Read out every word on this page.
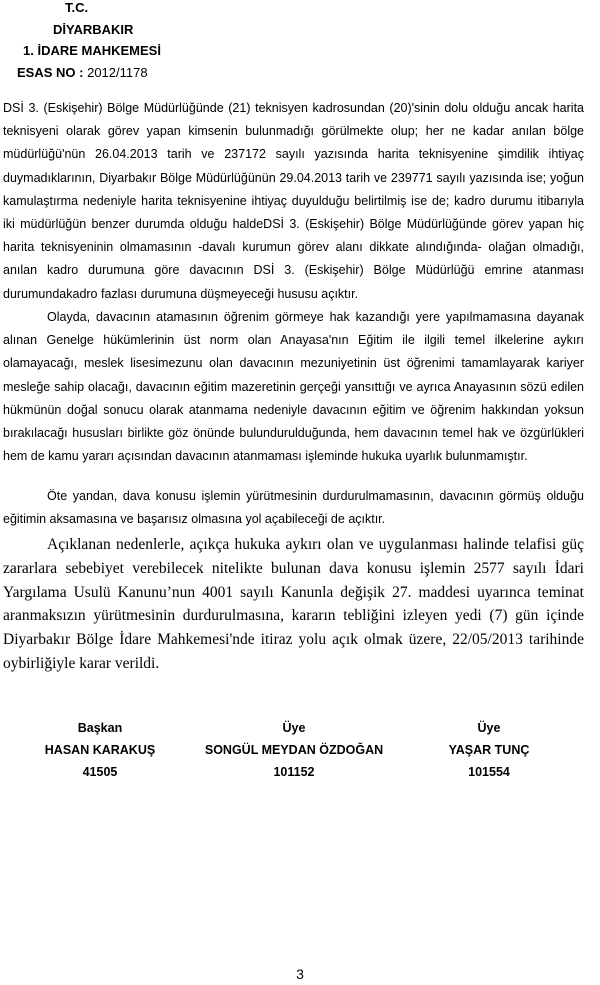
T.C.
DİYARBAKIR
1. İDARE MAHKEMESİ
ESAS NO : 2012/1178

DSİ 3. (Eskişehir) Bölge Müdürlüğünde (21) teknisyen kadrosundan (20)'sinin dolu olduğu ancak harita teknisyeni olarak görev yapan kimsenin bulunmadığı görülmekte olup; her ne kadar anılan bölge müdürlüğü'nün 26.04.2013 tarih ve 237172 sayılı yazısında harita teknisyenine şimdilik ihtiyaç duymadıklarının, Diyarbakır Bölge Müdürlüğünün 29.04.2013 tarih ve 239771 sayılı yazısında ise; yoğun kamulaştırma nedeniyle harita teknisyenine ihtiyaç duyulduğu belirtilmiş ise de; kadro durumu itibarıyla iki müdürlüğün benzer durumda olduğu haldeDSİ 3. (Eskişehir) Bölge Müdürlüğünde görev yapan hiç harita teknisyeninin olmamasının -davalı kurumun görev alanı dikkate alındığında- olağan olmadığı, anılan kadro durumuna göre davacının DSİ 3. (Eskişehir) Bölge Müdürlüğü emrine atanması durumundakadro fazlası durumuna düşmeyeceği hususu açıktır.

Olayda, davacının atamasının öğrenim görmeye hak kazandığı yere yapılmamasına dayanak alınan Genelge hükümlerinin üst norm olan Anayasa'nın Eğitim ile ilgili temel ilkelerine aykırı olamayacağı, meslek lisesimezunu olan davacının mezuniyetinin üst öğrenimi tamamlayarak kariyer mesleğe sahip olacağı, davacının eğitim mazeretinin gerçeği yansıttığı ve ayrıca Anayasının sözü edilen hükmünün doğal sonucu olarak atanmama nedeniyle davacının eğitim ve öğrenim hakkından yoksun bırakılacağı hususları birlikte göz önünde bulundurulduğunda, hem davacının temel hak ve özgürlükleri hem de kamu yararı açısından davacının atanmaması işleminde hukuka uyarlık bulunmamıştır.

Öte yandan, dava konusu işlemin yürütmesinin durdurulmamasının, davacının görmüş olduğu eğitimin aksamasına ve başarısız olmasına yol açabileceği de açıktır.

Açıklanan nedenlerle, açıkça hukuka aykırı olan ve uygulanması halinde telafisi güç zararlara sebebiyet verebilecek nitelikte bulunan dava konusu işlemin 2577 sayılı İdari Yargılama Usulü Kanunu’nun 4001 sayılı Kanunla değişik 27. maddesi uyarınca teminat aranmaksızın yürütmesinin durdurulmasına, kararın tebliğini izleyen yedi (7) gün içinde Diyarbakır Bölge İdare Mahkemesi'nde itiraz yolu açık olmak üzere, 22/05/2013 tarihinde oybirliğiyle karar verildi.

Başkan
HASAN KARAKUŞ
41505
Üye
SONGÜL MEYDAN ÖZDOĞAN
101152
Üye
YAŞAR TUNÇ
101554
3
